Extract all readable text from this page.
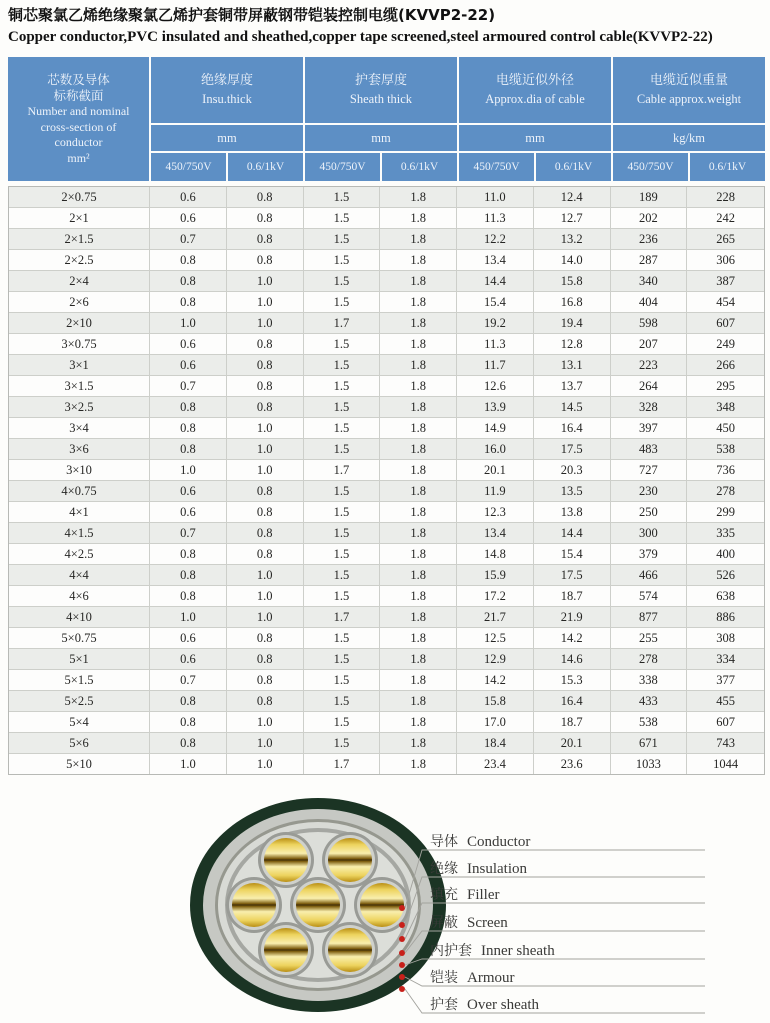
铜芯聚氯乙烯绝缘聚氯乙烯护套铜带屏蔽钢带铠装控制电缆(KVVP2-22)
Copper conductor,PVC insulated and sheathed,copper tape screened,steel armoured control cable(KVVP2-22)
芯数及导体
标称截面
Number and nominal
cross-section of
conductor
mm²
绝缘厚度
Insu.thick
护套厚度
Sheath thick
电缆近似外径
Approx.dia of cable
电缆近似重量
Cable approx.weight
mm	mm	mm	kg/km
450/750V	0.6/1kV	450/750V	0.6/1kV	450/750V	0.6/1kV	450/750V	0.6/1kV
2×0.75	0.6	0.8	1.5	1.8	11.0	12.4	189	228
2×1	0.6	0.8	1.5	1.8	11.3	12.7	202	242
2×1.5	0.7	0.8	1.5	1.8	12.2	13.2	236	265
2×2.5	0.8	0.8	1.5	1.8	13.4	14.0	287	306
2×4	0.8	1.0	1.5	1.8	14.4	15.8	340	387
2×6	0.8	1.0	1.5	1.8	15.4	16.8	404	454
2×10	1.0	1.0	1.7	1.8	19.2	19.4	598	607
3×0.75	0.6	0.8	1.5	1.8	11.3	12.8	207	249
3×1	0.6	0.8	1.5	1.8	11.7	13.1	223	266
3×1.5	0.7	0.8	1.5	1.8	12.6	13.7	264	295
3×2.5	0.8	0.8	1.5	1.8	13.9	14.5	328	348
3×4	0.8	1.0	1.5	1.8	14.9	16.4	397	450
3×6	0.8	1.0	1.5	1.8	16.0	17.5	483	538
3×10	1.0	1.0	1.7	1.8	20.1	20.3	727	736
4×0.75	0.6	0.8	1.5	1.8	11.9	13.5	230	278
4×1	0.6	0.8	1.5	1.8	12.3	13.8	250	299
4×1.5	0.7	0.8	1.5	1.8	13.4	14.4	300	335
4×2.5	0.8	0.8	1.5	1.8	14.8	15.4	379	400
4×4	0.8	1.0	1.5	1.8	15.9	17.5	466	526
4×6	0.8	1.0	1.5	1.8	17.2	18.7	574	638
4×10	1.0	1.0	1.7	1.8	21.7	21.9	877	886
5×0.75	0.6	0.8	1.5	1.8	12.5	14.2	255	308
5×1	0.6	0.8	1.5	1.8	12.9	14.6	278	334
5×1.5	0.7	0.8	1.5	1.8	14.2	15.3	338	377
5×2.5	0.8	0.8	1.5	1.8	15.8	16.4	433	455
5×4	0.8	1.0	1.5	1.8	17.0	18.7	538	607
5×6	0.8	1.0	1.5	1.8	18.4	20.1	671	743
5×10	1.0	1.0	1.7	1.8	23.4	23.6	1033	1044
导体 Conductor
绝缘 Insulation
填充 Filler
屏蔽 Screen
内护套 Inner sheath
铠装 Armour
护套 Over sheath
